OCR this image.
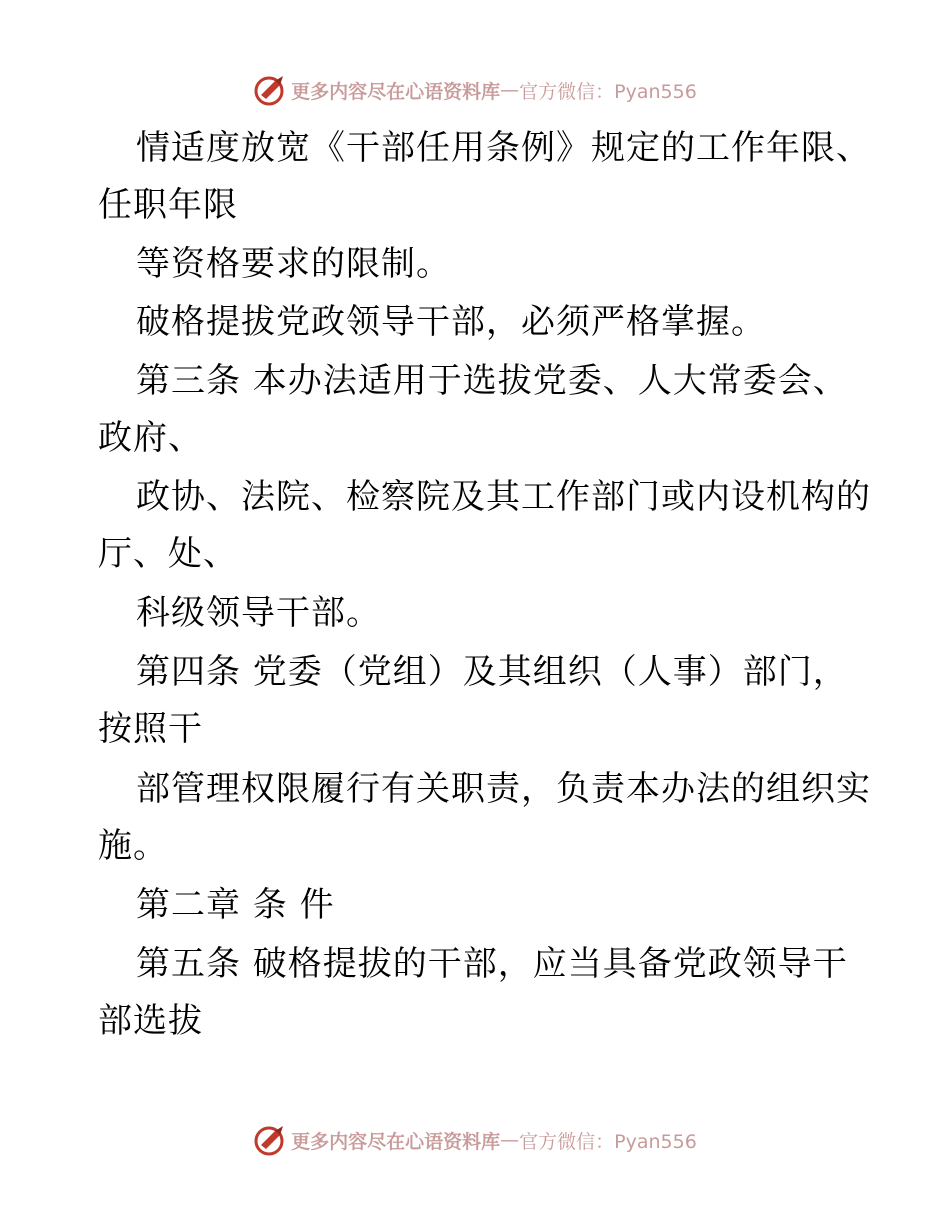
更多内容尽在心语资料库 — 官方微信：Pyan556
情适度放宽《干部任用条例》规定的工作年限、
任职年限
等资格要求的限制。
破格提拔党政领导干部，必须严格掌握。
第三条 本办法适用于选拔党委、人大常委会、
政府、
政协、法院、检察院及其工作部门或内设机构的
厅、处、
科级领导干部。
第四条 党委（党组）及其组织（人事）部门，
按照干
部管理权限履行有关职责，负责本办法的组织实
施。
第二章 条 件
第五条 破格提拔的干部，应当具备党政领导干
部选拔
更多内容尽在心语资料库 — 官方微信：Pyan556
